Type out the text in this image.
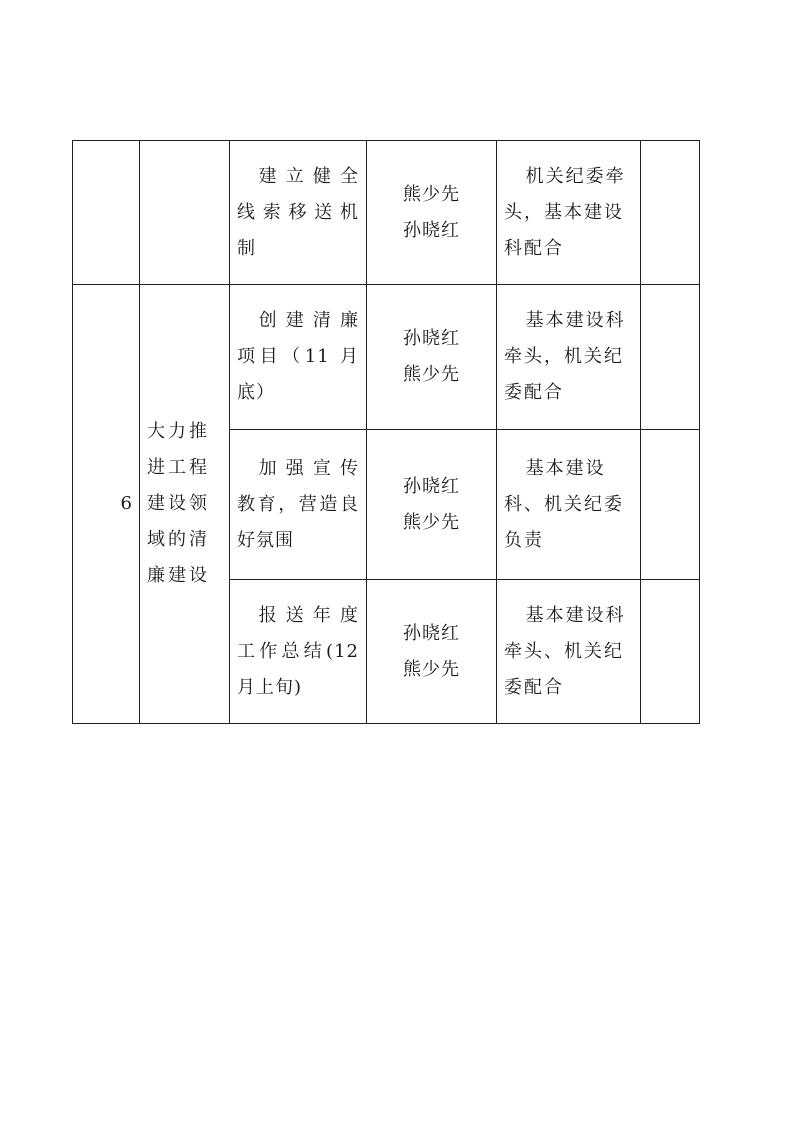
		建立健全
线索移送机
制	熊少先
孙晓红	机关纪委牵
头，基本建设
科配合	

6	大力推
进工程
建设领
域的清
廉建设	创建清廉
项目（11 月
底）	孙晓红
熊少先	基本建设科
牵头，机关纪
委配合	

		加强宣传
教育，营造良
好氛围	孙晓红
熊少先	基本建设
科、机关纪委
负责	

		报送年度
工作总结(12
月上旬)	孙晓红
熊少先	基本建设科
牵头、机关纪
委配合	
